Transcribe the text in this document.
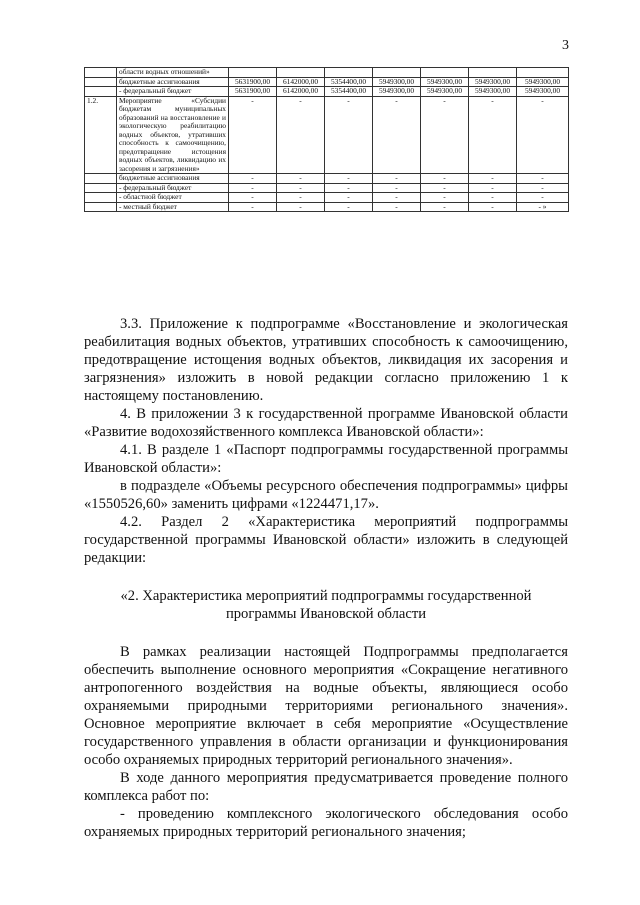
3
	области водных отношений»							
	бюджетные ассигнования	5631900,00	6142000,00	5354400,00	5949300,00	5949300,00	5949300,00	5949300,00
	- федеральный бюджет	5631900,00	6142000,00	5354400,00	5949300,00	5949300,00	5949300,00	5949300,00
1.2.	Мероприятие «Субсидии бюджетам муниципальных образований на восстановление и экологическую реабилитацию водных объектов, утративших способность к самоочищению, предотвращение истощения водных объектов, ликвидацию их засорения и загрязнения»	-	-	-	-	-	-	-
	бюджетные ассигнования	-	-	-	-	-	-	-
	- федеральный бюджет	-	-	-	-	-	-	-
	- областной бюджет	-	-	-	-	-	-	-
	- местный бюджет	-	-	-	-	-	-	- »

3.3. Приложение к подпрограмме «Восстановление и экологическая реабилитация водных объектов, утративших способность к самоочищению, предотвращение истощения водных объектов, ликвидация их засорения и загрязнения» изложить в новой редакции согласно приложению 1 к настоящему постановлению.

4. В приложении 3 к государственной программе Ивановской области «Развитие водохозяйственного комплекса Ивановской области»:

4.1. В разделе 1 «Паспорт подпрограммы государственной программы Ивановской области»:

в подразделе «Объемы ресурсного обеспечения подпрограммы» цифры «1550526,60» заменить цифрами «1224471,17».

4.2. Раздел 2 «Характеристика мероприятий подпрограммы государственной программы Ивановской области» изложить в следующей редакции:

«2. Характеристика мероприятий подпрограммы государственной программы Ивановской области

В рамках реализации настоящей Подпрограммы предполагается обеспечить выполнение основного мероприятия «Сокращение негативного антропогенного воздействия на водные объекты, являющиеся особо охраняемыми природными территориями регионального значения». Основное мероприятие включает в себя мероприятие «Осуществление государственного управления в области организации и функционирования особо охраняемых природных территорий регионального значения».

В ходе данного мероприятия предусматривается проведение полного комплекса работ по:

- проведению комплексного экологического обследования особо охраняемых природных территорий регионального значения;
